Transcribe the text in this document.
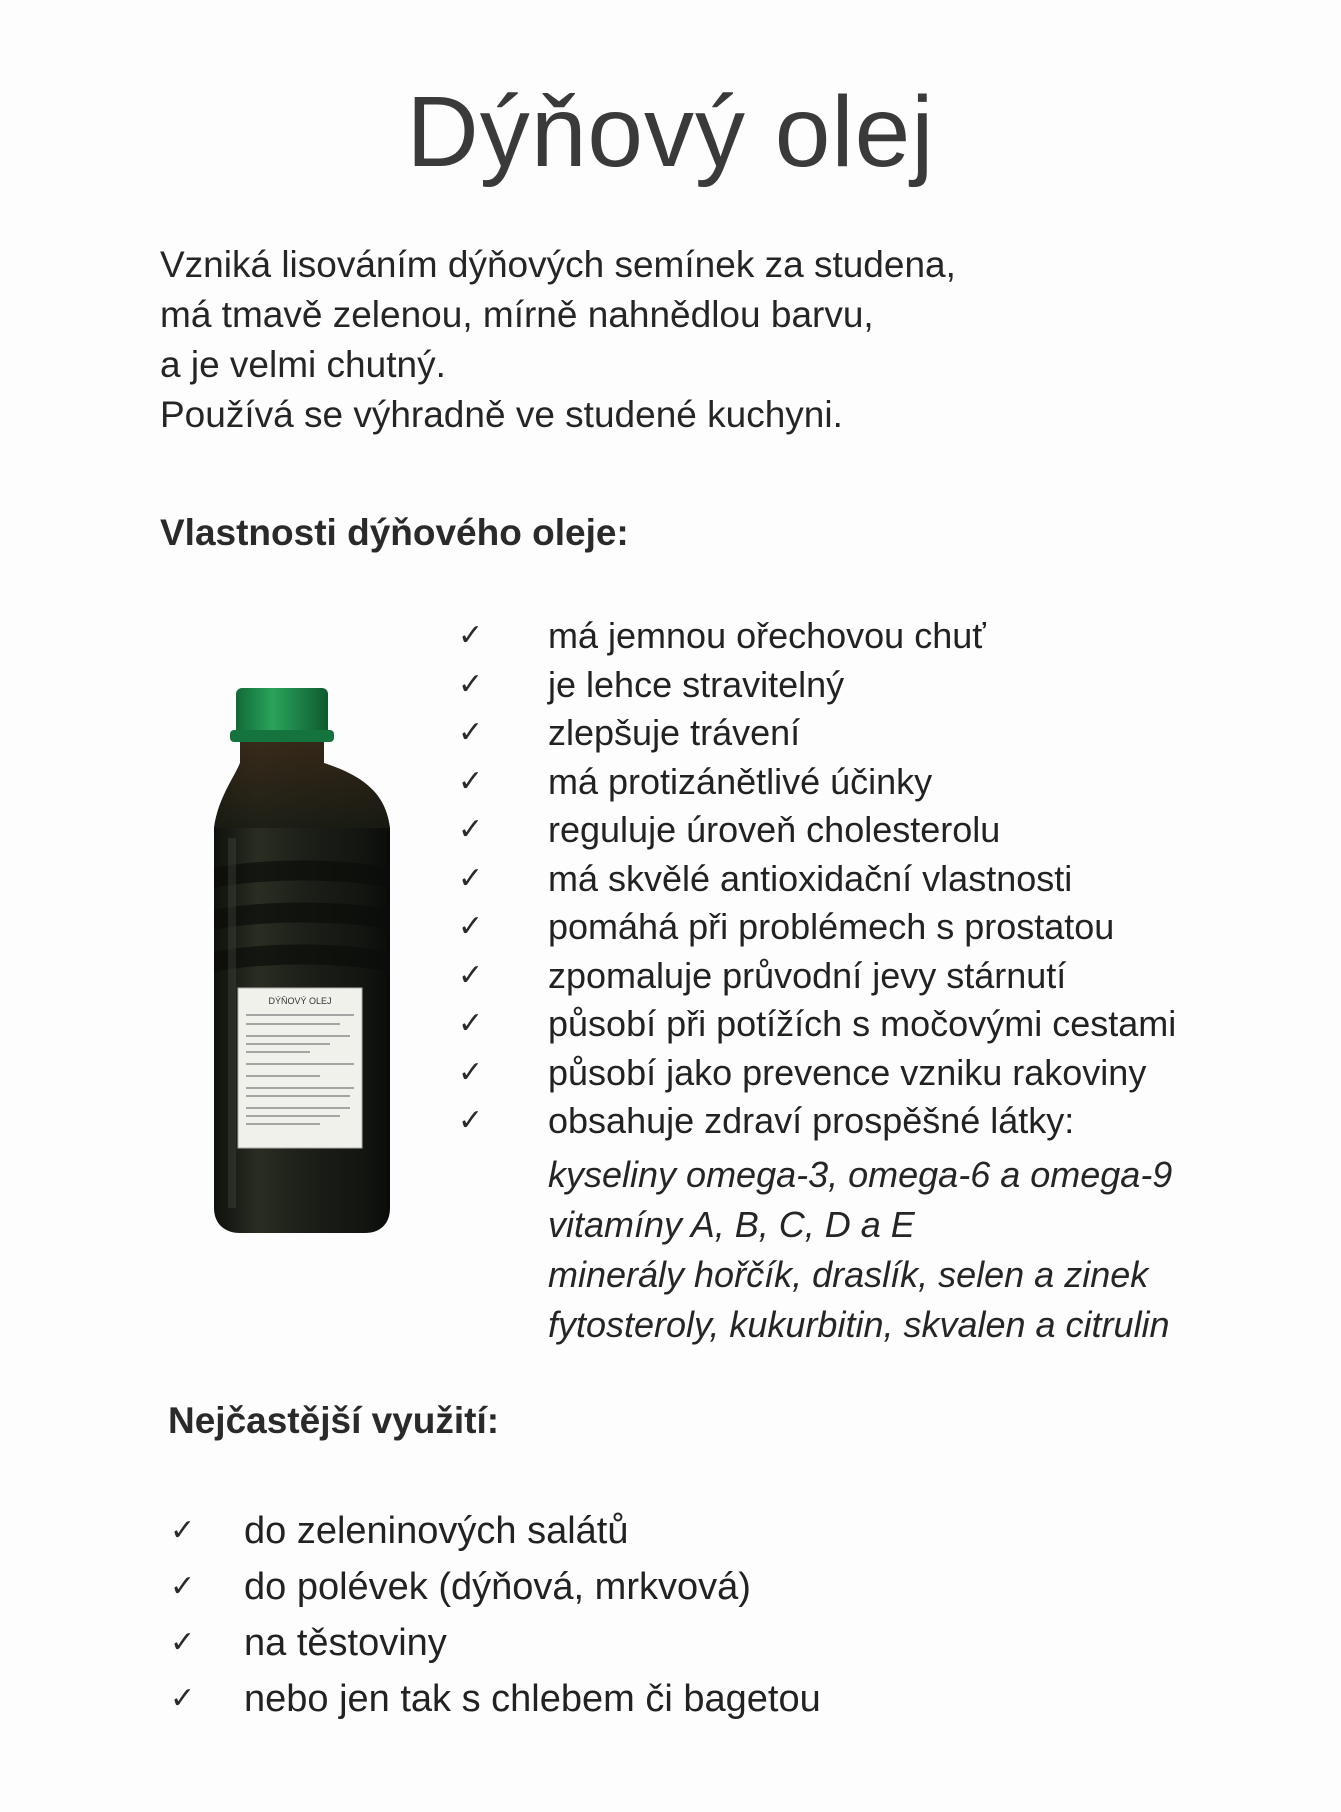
Dýňový olej
Vzniká lisováním dýňových semínek za studena,
má tmavě zelenou, mírně nahnědlou barvu,
a je velmi chutný.
Používá se výhradně ve studené kuchyni.
Vlastnosti dýňového oleje:
DÝŇOVÝ OLEJ
✓	má jemnou ořechovou chuť
✓	je lehce stravitelný
✓	zlepšuje trávení
✓	má protizánětlivé účinky
✓	reguluje úroveň cholesterolu
✓	má skvělé antioxidační vlastnosti
✓	pomáhá při problémech s prostatou
✓	zpomaluje průvodní jevy stárnutí
✓	působí při potížích s močovými cestami
✓	působí jako prevence vzniku rakoviny
✓	obsahuje zdraví prospěšné látky:
kyseliny omega-3, omega-6 a omega-9
vitamíny A, B, C, D a E
minerály hořčík, draslík, selen a zinek
fytosteroly, kukurbitin, skvalen a citrulin
Nejčastější využití:
✓	do zeleninových salátů
✓	do polévek (dýňová, mrkvová)
✓	na těstoviny
✓	nebo jen tak s chlebem či bagetou
